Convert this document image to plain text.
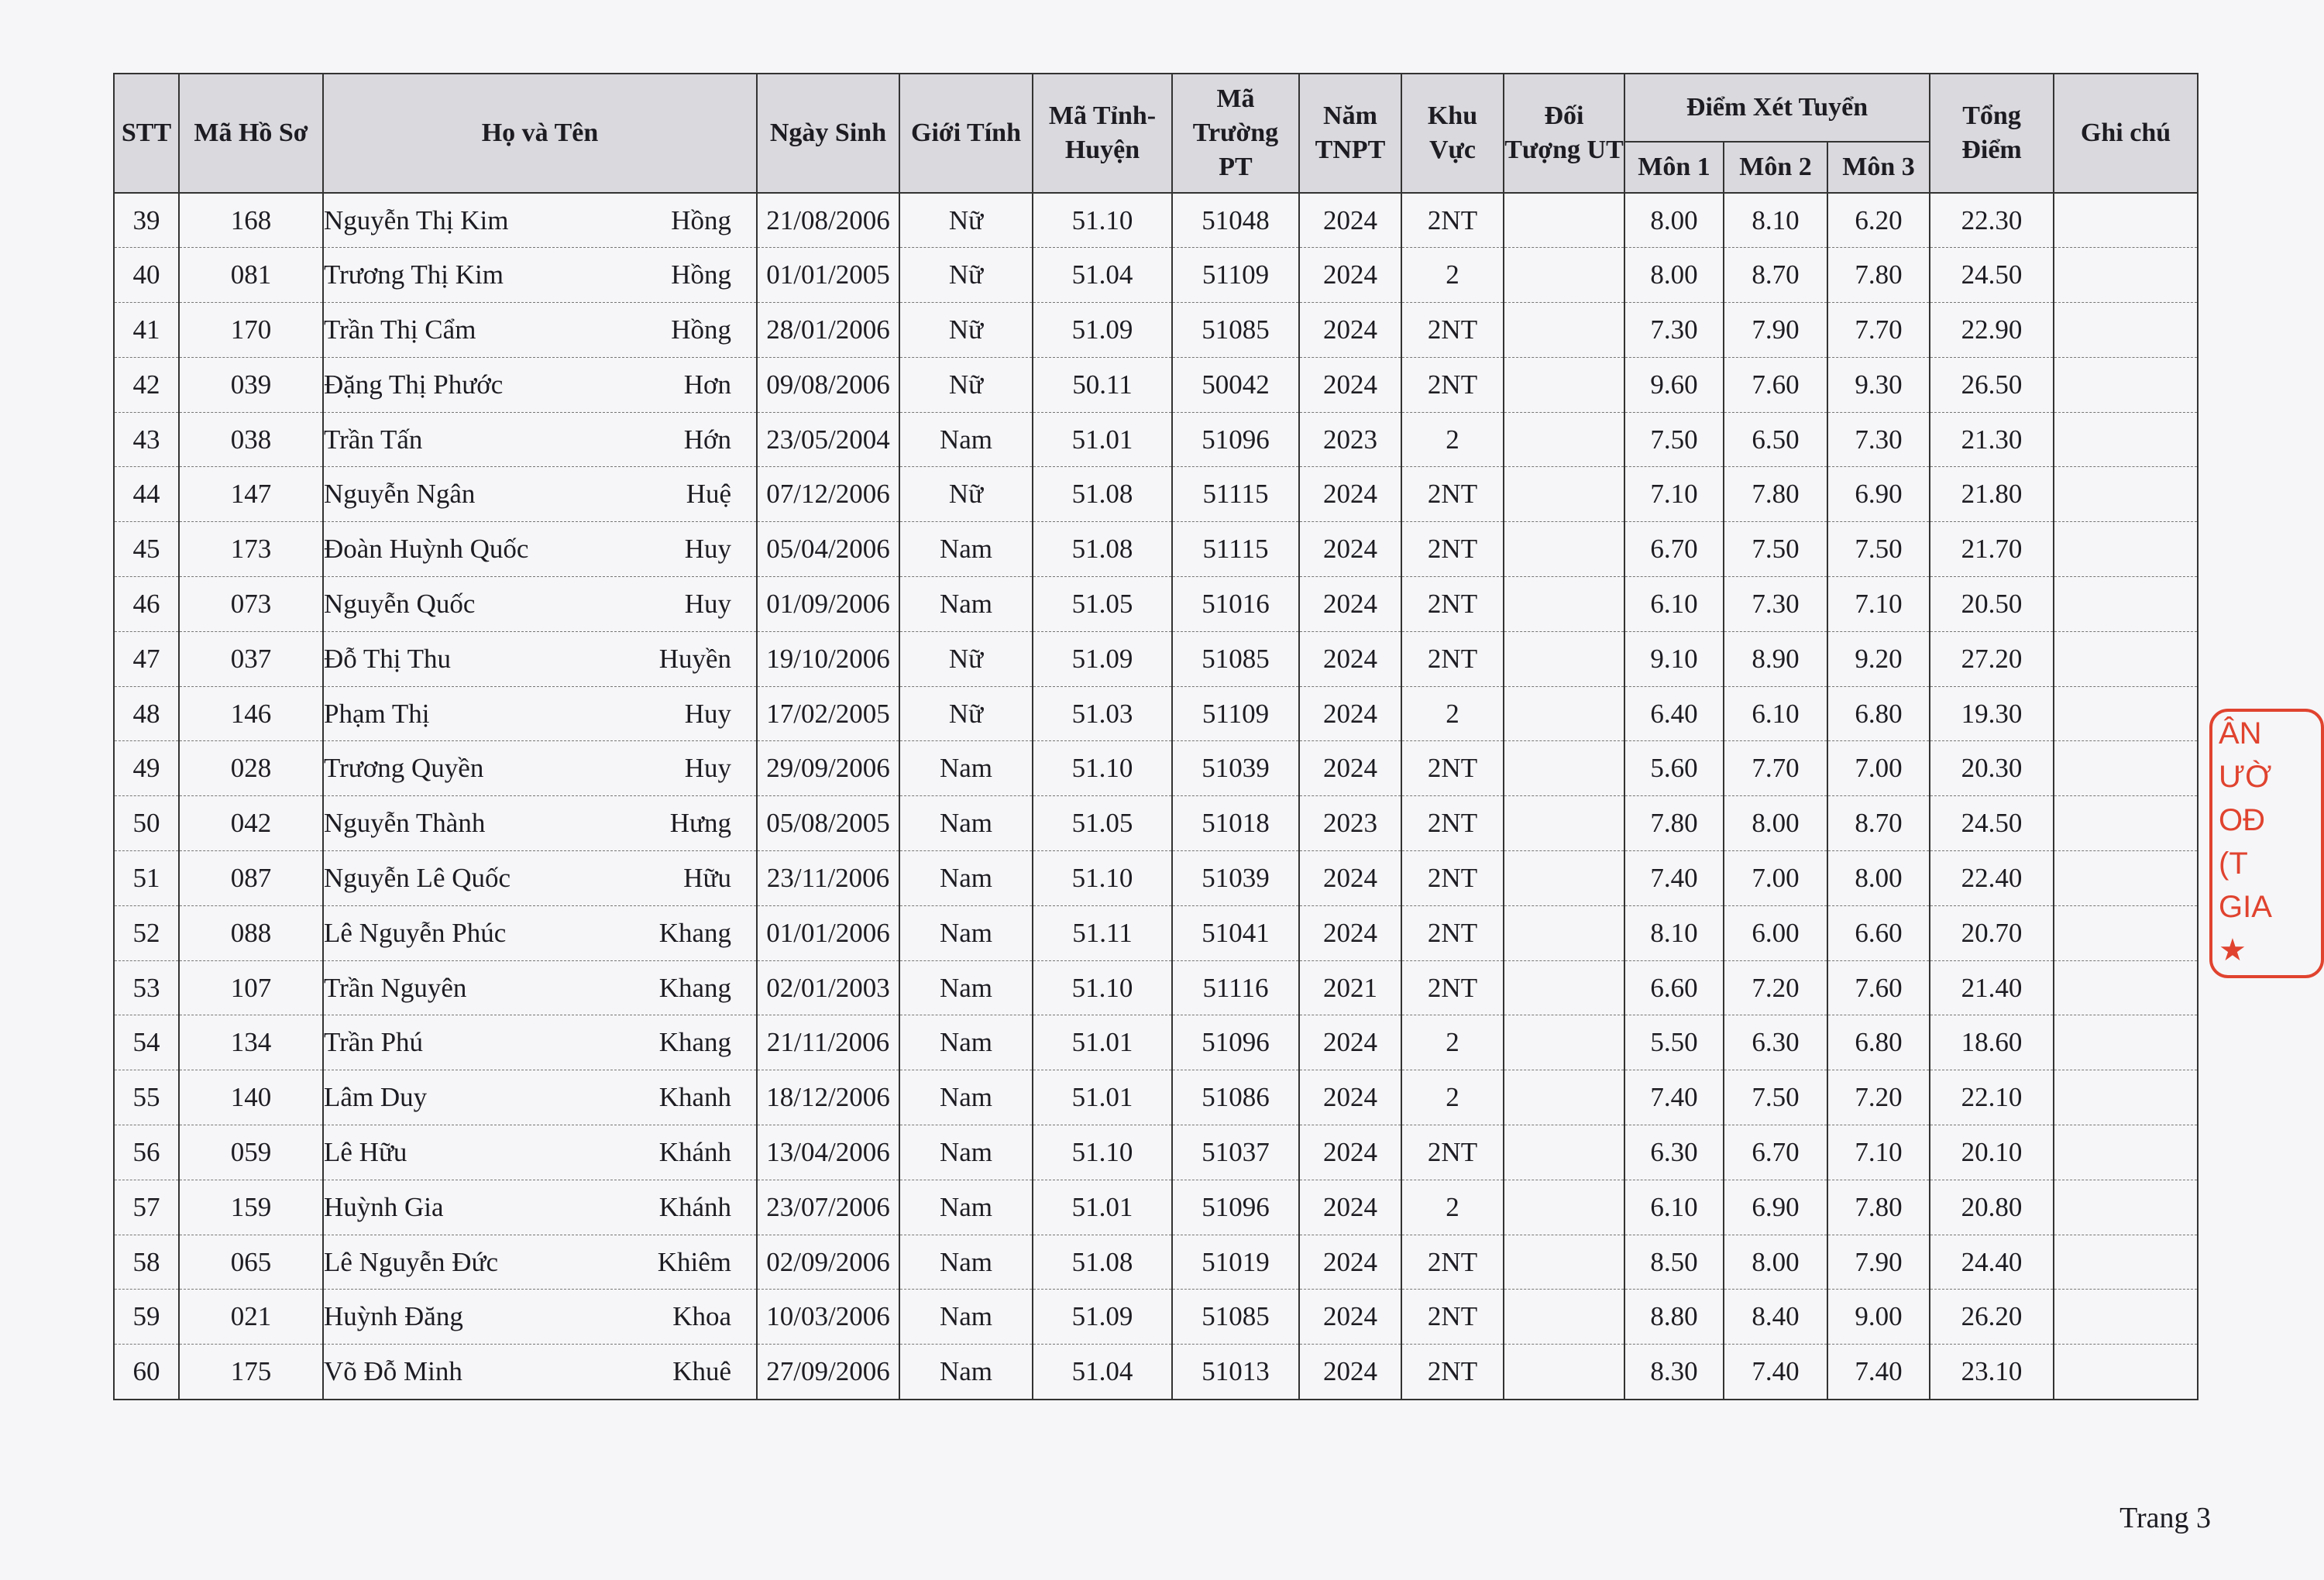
STT	Mã Hồ Sơ	Họ và Tên	Ngày Sinh	Giới Tính	Mã Tỉnh-Huyện	Mã Trường PT	Năm TNPT	Khu Vực	Đối Tượng UT	Điểm Xét Tuyển			Tổng Điểm	Ghi chú
										Môn 1	Môn 2	Môn 3		
39	168	Nguyễn Thị Kim Hồng	21/08/2006	Nữ	51.10	51048	2024	2NT		8.00	8.10	6.20	22.30	
40	081	Trương Thị Kim Hồng	01/01/2005	Nữ	51.04	51109	2024	2		8.00	8.70	7.80	24.50	
41	170	Trần Thị Cẩm Hồng	28/01/2006	Nữ	51.09	51085	2024	2NT		7.30	7.90	7.70	22.90	
42	039	Đặng Thị Phước Hơn	09/08/2006	Nữ	50.11	50042	2024	2NT		9.60	7.60	9.30	26.50	
43	038	Trần Tấn Hớn	23/05/2004	Nam	51.01	51096	2023	2		7.50	6.50	7.30	21.30	
44	147	Nguyễn Ngân Huệ	07/12/2006	Nữ	51.08	51115	2024	2NT		7.10	7.80	6.90	21.80	
45	173	Đoàn Huỳnh Quốc Huy	05/04/2006	Nam	51.08	51115	2024	2NT		6.70	7.50	7.50	21.70	
46	073	Nguyễn Quốc Huy	01/09/2006	Nam	51.05	51016	2024	2NT		6.10	7.30	7.10	20.50	
47	037	Đỗ Thị Thu Huyền	19/10/2006	Nữ	51.09	51085	2024	2NT		9.10	8.90	9.20	27.20	
48	146	Phạm Thị Huy	17/02/2005	Nữ	51.03	51109	2024	2		6.40	6.10	6.80	19.30	
49	028	Trương Quyền Huy	29/09/2006	Nam	51.10	51039	2024	2NT		5.60	7.70	7.00	20.30	
50	042	Nguyễn Thành Hưng	05/08/2005	Nam	51.05	51018	2023	2NT		7.80	8.00	8.70	24.50	
51	087	Nguyễn Lê Quốc Hữu	23/11/2006	Nam	51.10	51039	2024	2NT		7.40	7.00	8.00	22.40	
52	088	Lê Nguyễn Phúc Khang	01/01/2006	Nam	51.11	51041	2024	2NT		8.10	6.00	6.60	20.70	
53	107	Trần Nguyên Khang	02/01/2003	Nam	51.10	51116	2021	2NT		6.60	7.20	7.60	21.40	
54	134	Trần Phú Khang	21/11/2006	Nam	51.01	51096	2024	2		5.50	6.30	6.80	18.60	
55	140	Lâm Duy Khanh	18/12/2006	Nam	51.01	51086	2024	2		7.40	7.50	7.20	22.10	
56	059	Lê Hữu Khánh	13/04/2006	Nam	51.10	51037	2024	2NT		6.30	6.70	7.10	20.10	
57	159	Huỳnh Gia Khánh	23/07/2006	Nam	51.01	51096	2024	2		6.10	6.90	7.80	20.80	
58	065	Lê Nguyễn Đức Khiêm	02/09/2006	Nam	51.08	51019	2024	2NT		8.50	8.00	7.90	24.40	
59	021	Huỳnh Đăng Khoa	10/03/2006	Nam	51.09	51085	2024	2NT		8.80	8.40	9.00	26.20	
60	175	Võ Đỗ Minh Khuê	27/09/2006	Nam	51.04	51013	2024	2NT		8.30	7.40	7.40	23.10	
ÂN
ƯỜ
OĐ
(T
GIA
★
Trang 3
